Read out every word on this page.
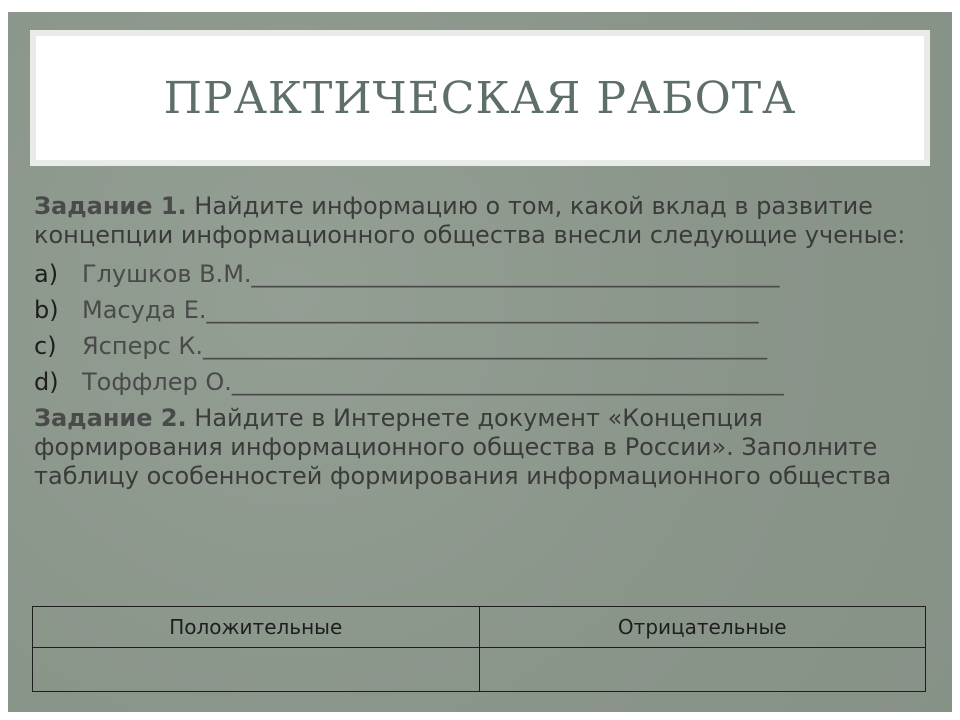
ПРАКТИЧЕСКАЯ РАБОТА

Задание 1. Найдите информацию о том, какой вклад в развитие концепции информационного общества внесли следующие ученые:

a) Глушков В.М.____________________________________________
b) Масуда Е.______________________________________________
c)	Ясперс К._______________________________________________
d) Тоффлер О.______________________________________________

Задание 2. Найдите в Интернете документ «Концепция формирования информационного общества в России». Заполните таблицу особенностей формирования информационного общества

Положительные	Отрицательные
